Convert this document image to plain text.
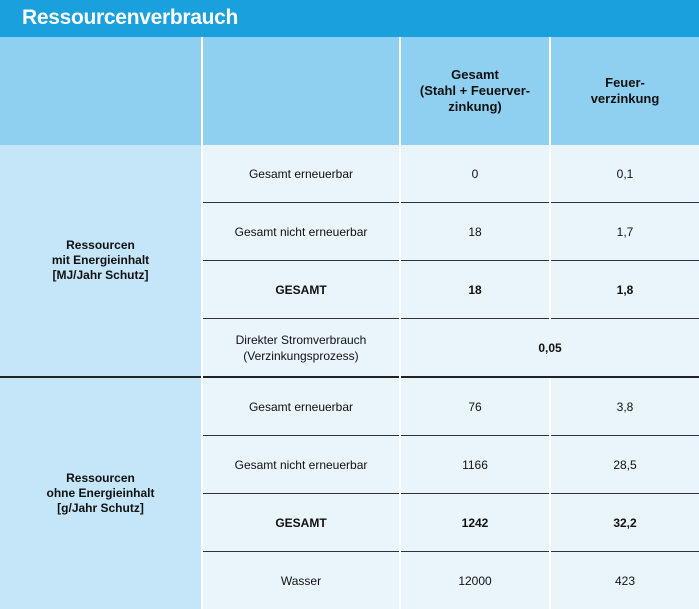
Ressourcenverbrauch
		Gesamt
(Stahl + Feuerver-
zinkung)	Feuer-
verzinkung
Ressourcen
mit Energieinhalt
[MJ/Jahr Schutz]	Gesamt erneuerbar	0	0,1
	Gesamt nicht erneuerbar	18	1,7
	GESAMT	18	1,8
	Direkter Stromverbrauch
(Verzinkungsprozess)	0,05	
Ressourcen
ohne Energieinhalt
[g/Jahr Schutz]	Gesamt erneuerbar	76	3,8
	Gesamt nicht erneuerbar	1166	28,5
	GESAMT	1242	32,2
	Wasser	12000	423
